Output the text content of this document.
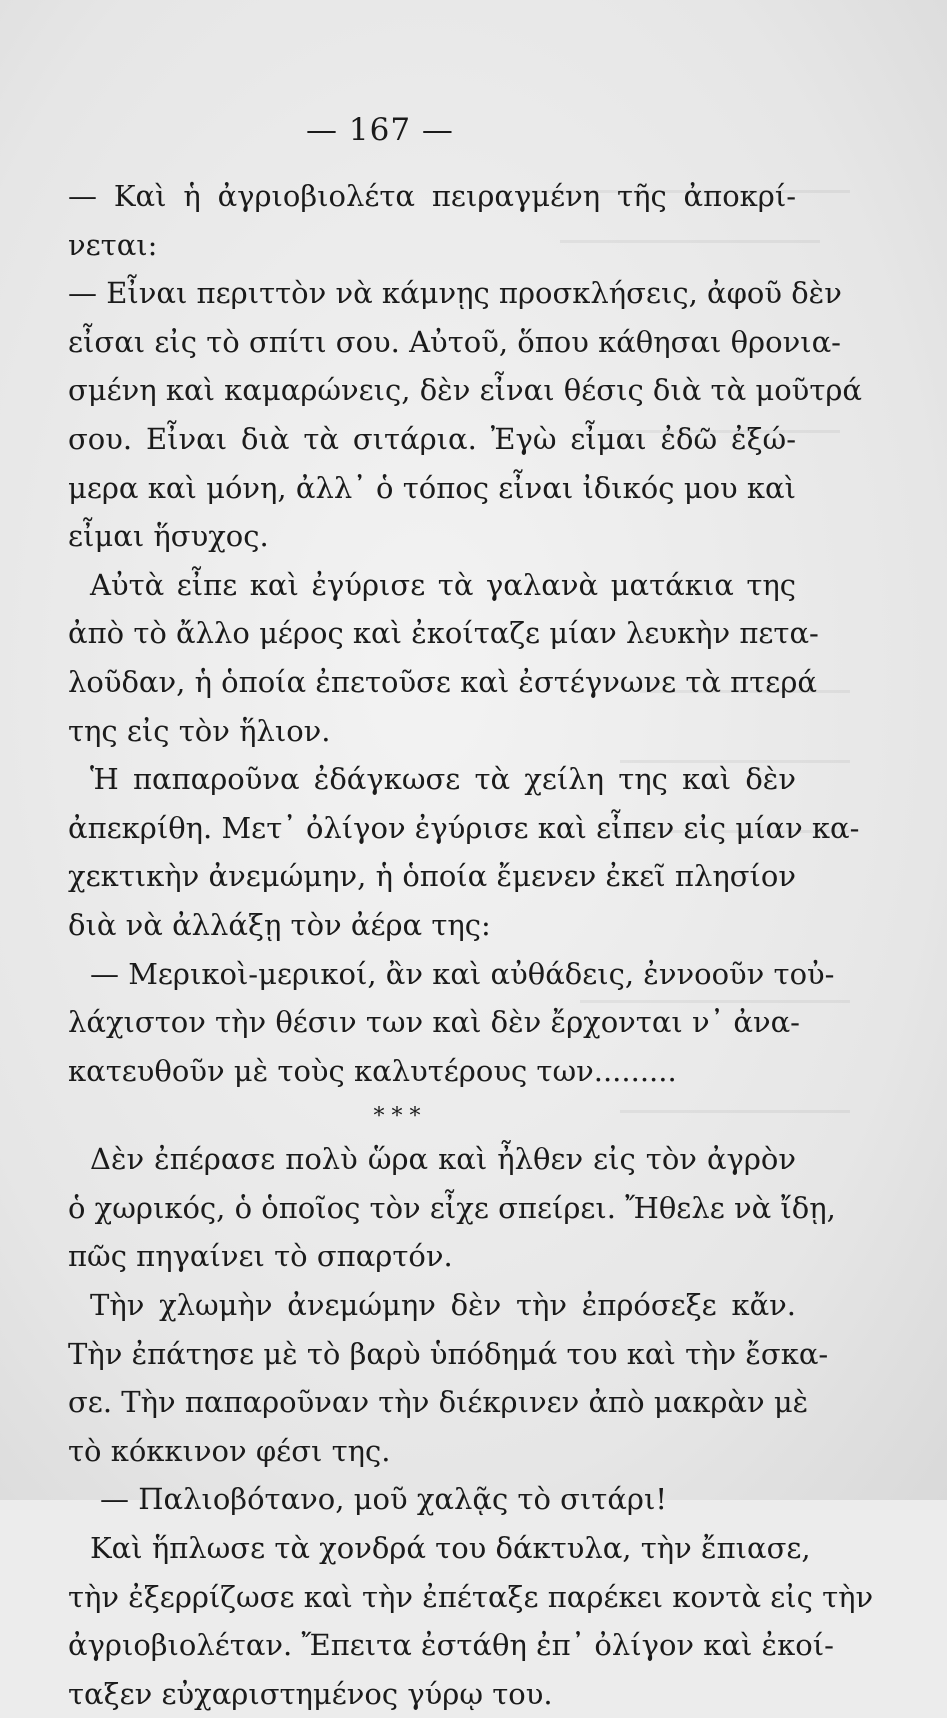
— 167 —
— Καὶ ἡ ἀγριοβιολέτα πειραγμένη τῆς ἀποκρί-
νεται:
— Εἶναι περιττὸν νὰ κάμνῃς προσκλήσεις, ἀφοῦ δὲν
εἶσαι εἰς τὸ σπίτι σου. Αὐτοῦ, ὅπου κάθησαι θρονια-
σμένη καὶ καμαρώνεις, δὲν εἶναι θέσις διὰ τὰ μοῦτρά
σου. Εἶναι διὰ τὰ σιτάρια. Ἐγὼ εἶμαι ἐδῶ ἐξώ-
μερα καὶ μόνη, ἀλλ᾽ ὁ τόπος εἶναι ἰδικός μου καὶ
εἶμαι ἥσυχος.
Αὐτὰ εἶπε καὶ ἐγύρισε τὰ γαλανὰ ματάκια της
ἀπὸ τὸ ἄλλο μέρος καὶ ἐκοίταζε μίαν λευκὴν πετα-
λοῦδαν, ἡ ὁποία ἐπετοῦσε καὶ ἐστέγνωνε τὰ πτερά
της εἰς τὸν ἥλιον.
Ἡ παπαροῦνα ἐδάγκωσε τὰ χείλη της καὶ δὲν
ἀπεκρίθη. Μετ᾽ ὀλίγον ἐγύρισε καὶ εἶπεν εἰς μίαν κα-
χεκτικὴν ἀνεμώμην, ἡ ὁποία ἔμενεν ἐκεῖ πλησίον
διὰ νὰ ἀλλάξῃ τὸν ἀέρα της:
— Μερικοὶ-μερικοί, ἂν καὶ αὐθάδεις, ἐννοοῦν τοὐ-
λάχιστον τὴν θέσιν των καὶ δὲν ἔρχονται ν᾽ ἀνα-
κατευθοῦν μὲ τοὺς καλυτέρους των.........
* * *
Δὲν ἐπέρασε πολὺ ὥρα καὶ ἦλθεν εἰς τὸν ἀγρὸν
ὁ χωρικός, ὁ ὁποῖος τὸν εἶχε σπείρει. Ἤθελε νὰ ἴδῃ,
πῶς πηγαίνει τὸ σπαρτόν.
Τὴν χλωμὴν ἀνεμώμην δὲν τὴν ἐπρόσεξε κἄν.
Τὴν ἐπάτησε μὲ τὸ βαρὺ ὑπόδημά του καὶ τὴν ἔσκα-
σε. Τὴν παπαροῦναν τὴν διέκρινεν ἀπὸ μακρὰν μὲ
τὸ κόκκινον φέσι της.
— Παλιοβότανο, μοῦ χαλᾷς τὸ σιτάρι!
Καὶ ἥπλωσε τὰ χονδρά του δάκτυλα, τὴν ἔπιασε,
τὴν ἐξερρίζωσε καὶ τὴν ἐπέταξε παρέκει κοντὰ εἰς τὴν
ἀγριοβιολέταν. Ἔπειτα ἐστάθη ἐπ᾽ ὀλίγον καὶ ἐκοί-
ταξεν εὐχαριστημένος γύρῳ του.
